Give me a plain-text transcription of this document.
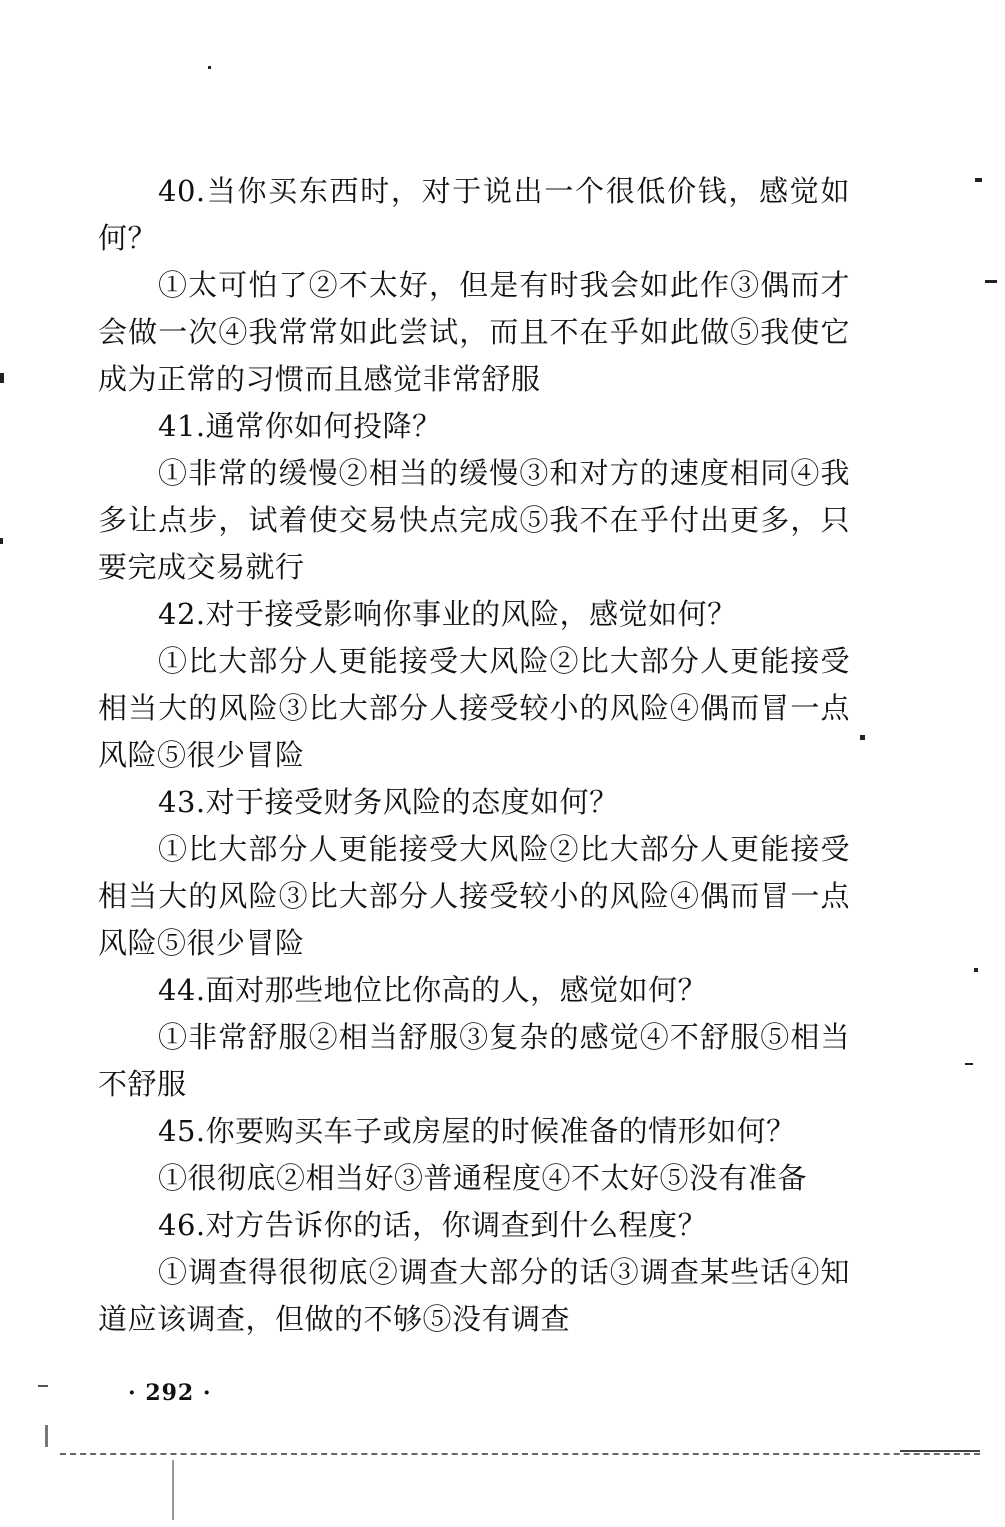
40.当你买东西时，对于说出一个很低价钱，感觉如何？

①太可怕了②不太好，但是有时我会如此作③偶而才会做一次④我常常如此尝试，而且不在乎如此做⑤我使它成为正常的习惯而且感觉非常舒服

41.通常你如何投降？

①非常的缓慢②相当的缓慢③和对方的速度相同④我多让点步，试着使交易快点完成⑤我不在乎付出更多，只要完成交易就行

42.对于接受影响你事业的风险，感觉如何？

①比大部分人更能接受大风险②比大部分人更能接受相当大的风险③比大部分人接受较小的风险④偶而冒一点风险⑤很少冒险

43.对于接受财务风险的态度如何？

①比大部分人更能接受大风险②比大部分人更能接受相当大的风险③比大部分人接受较小的风险④偶而冒一点风险⑤很少冒险

44.面对那些地位比你高的人，感觉如何？

①非常舒服②相当舒服③复杂的感觉④不舒服⑤相当不舒服

45.你要购买车子或房屋的时候准备的情形如何？

①很彻底②相当好③普通程度④不太好⑤没有准备

46.对方告诉你的话，你调查到什么程度？

①调查得很彻底②调查大部分的话③调查某些话④知道应该调查，但做的不够⑤没有调查

· 292 ·
